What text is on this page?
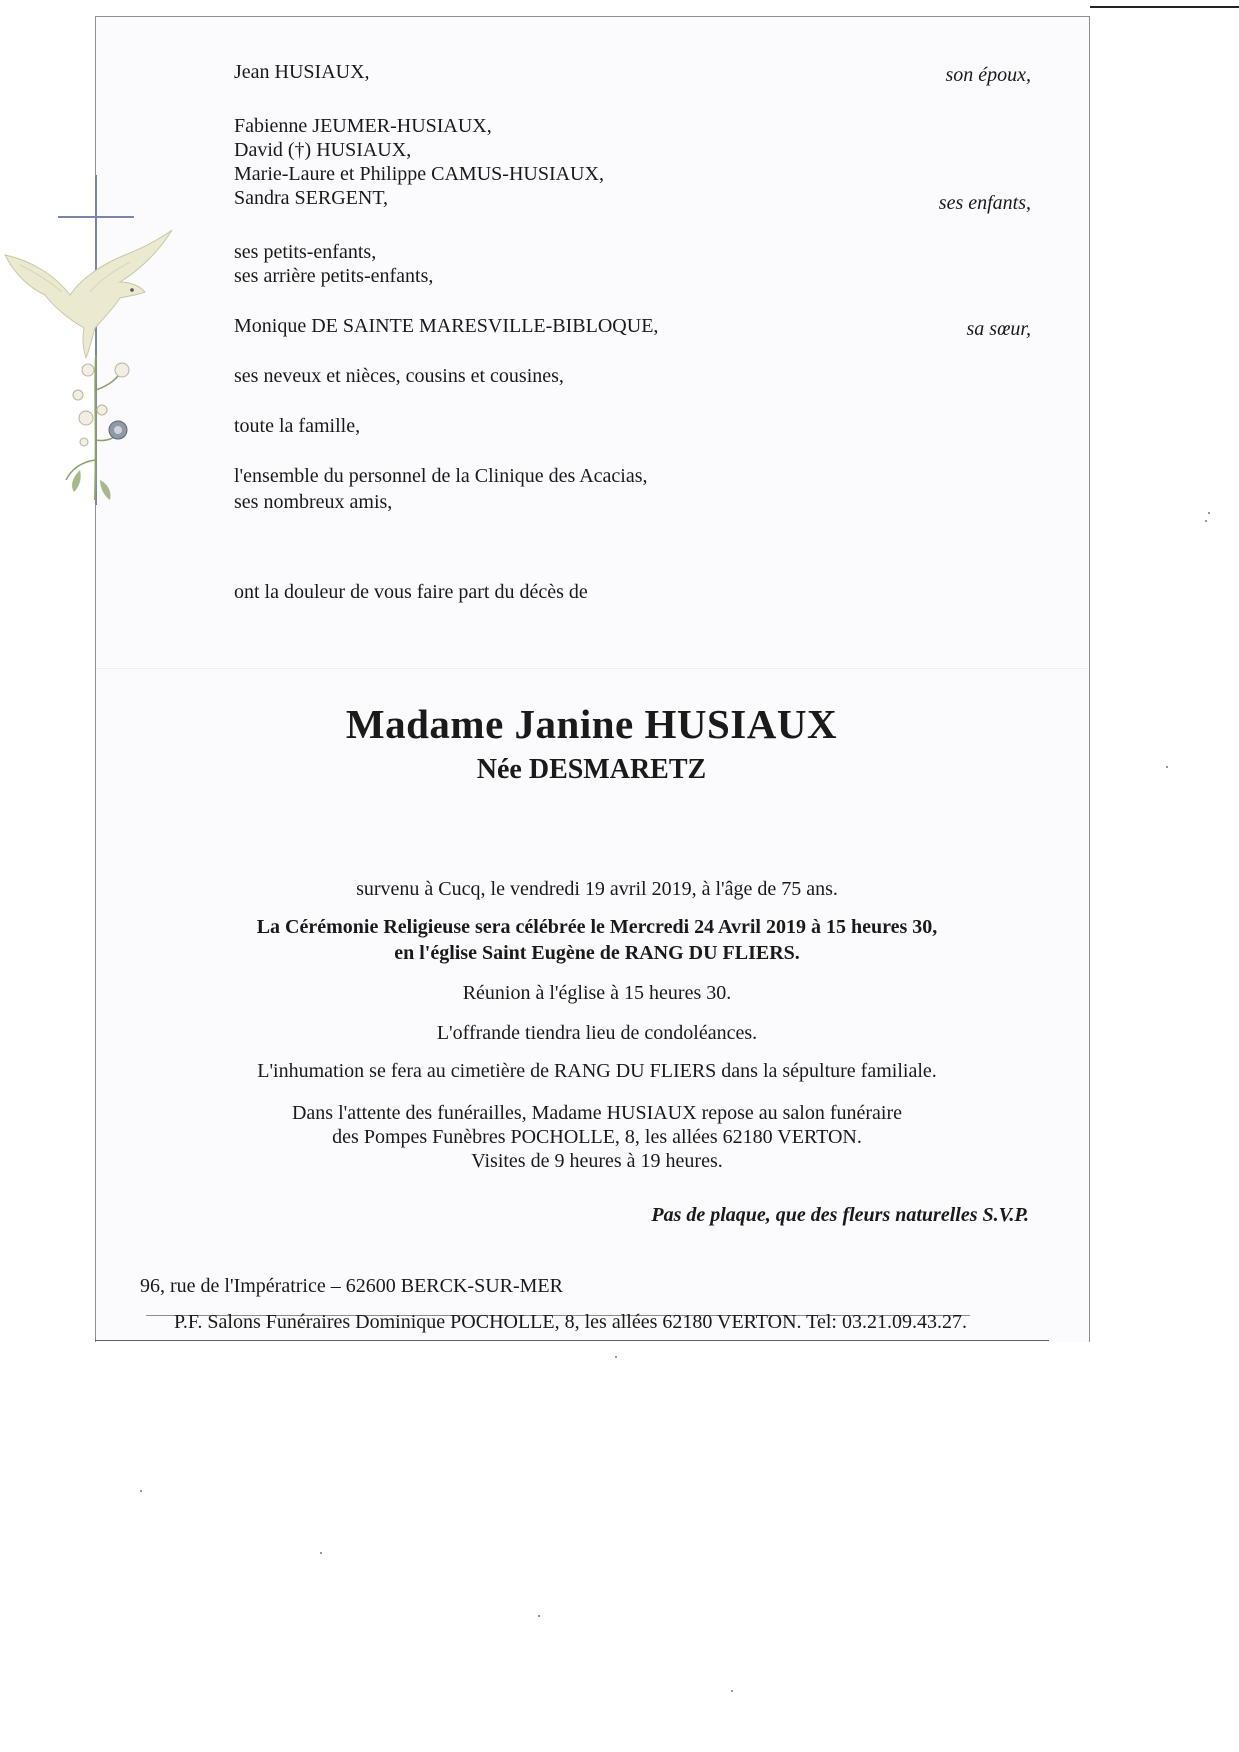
Jean HUSIAUX,	son époux,
Fabienne JEUMER-HUSIAUX,
David (†) HUSIAUX,
Marie-Laure et Philippe CAMUS-HUSIAUX,
Sandra SERGENT,	ses enfants,
ses petits-enfants,
ses arrière petits-enfants,
Monique DE SAINTE MARESVILLE-BIBLOQUE,	sa sœur,
ses neveux et nièces, cousins et cousines,
toute la famille,
l'ensemble du personnel de la Clinique des Acacias,
ses nombreux amis,
ont la douleur de vous faire part du décès de
Madame Janine HUSIAUX
Née DESMARETZ
survenu à Cucq, le vendredi 19 avril 2019, à l'âge de 75 ans.
La Cérémonie Religieuse sera célébrée le Mercredi 24 Avril 2019 à 15 heures 30,
en l'église Saint Eugène de RANG DU FLIERS.
Réunion à l'église à 15 heures 30.
L'offrande tiendra lieu de condoléances.
L'inhumation se fera au cimetière de RANG DU FLIERS dans la sépulture familiale.
Dans l'attente des funérailles, Madame HUSIAUX repose au salon funéraire
des Pompes Funèbres POCHOLLE, 8, les allées 62180 VERTON.
Visites de 9 heures à 19 heures.
Pas de plaque, que des fleurs naturelles S.V.P.
96, rue de l'Impératrice – 62600 BERCK-SUR-MER
P.F. Salons Funéraires Dominique POCHOLLE, 8, les allées 62180 VERTON. Tel: 03.21.09.43.27.
